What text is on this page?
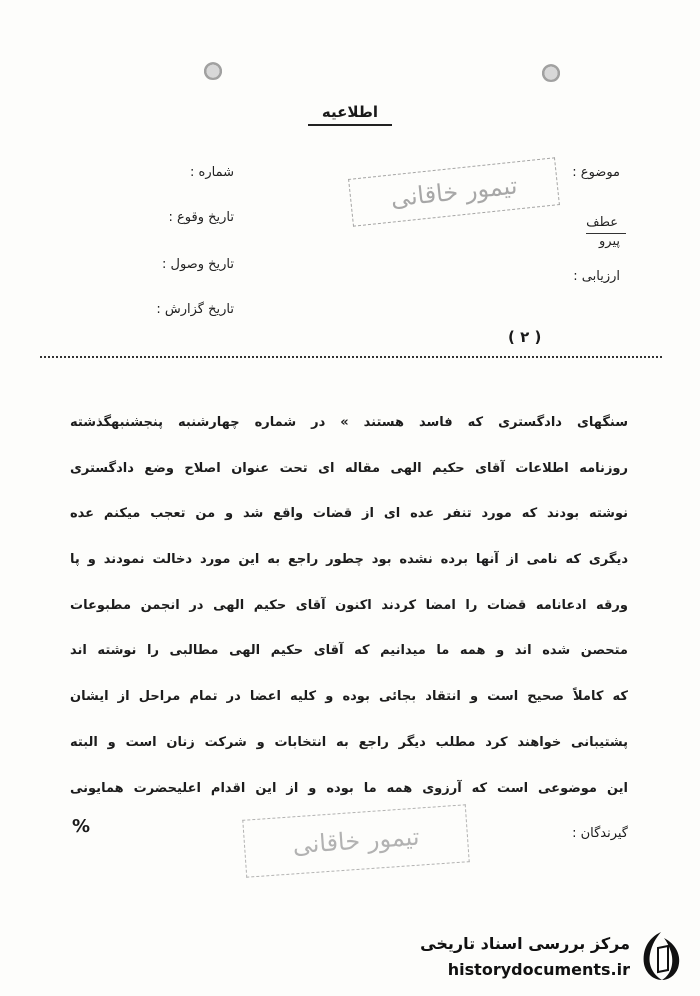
اطلاعیه
موضوع :
عطف
پیرو
ارزیابی :
شماره :
تاریخ وقوع :
تاریخ وصول :
تاریخ گزارش :
تیمور خاقانی
( ۲ )
سنگهای دادگستری که فاسد هستند » در شماره چهارشنبه پنجشنبهگذشته
روزنامه اطلاعات آقای حکیم الهی مقاله ای تحت عنوان اصلاح وضع دادگستری
نوشته بودند که مورد تنفر عده ای از قضات واقع شد و من تعجب میکنم عده
دیگری که نامی از آنها برده نشده بود چطور راجع به این مورد دخالت نمودند و پا
ورقه ادعانامه قضات را امضا کردند اکنون آقای حکیم الهی در انجمن مطبوعات
متحصن شده اند و همه ما میدانیم که آقای حکیم الهی مطالبی را نوشته اند
که کاملاً صحیح است و انتقاد بجائی بوده و کلیه اعضا در تمام مراحل از ایشان
پشتیبانی خواهند کرد مطلب دیگر راجع به انتخابات و شرکت زنان است و البته
این موضوعی است که آرزوی همه ما بوده و از این اقدام اعلیحضرت همایونی
گیرندگان :
%	تیمور خاقانی
مرکز بررسی اسناد تاریخی
historydocuments.ir
